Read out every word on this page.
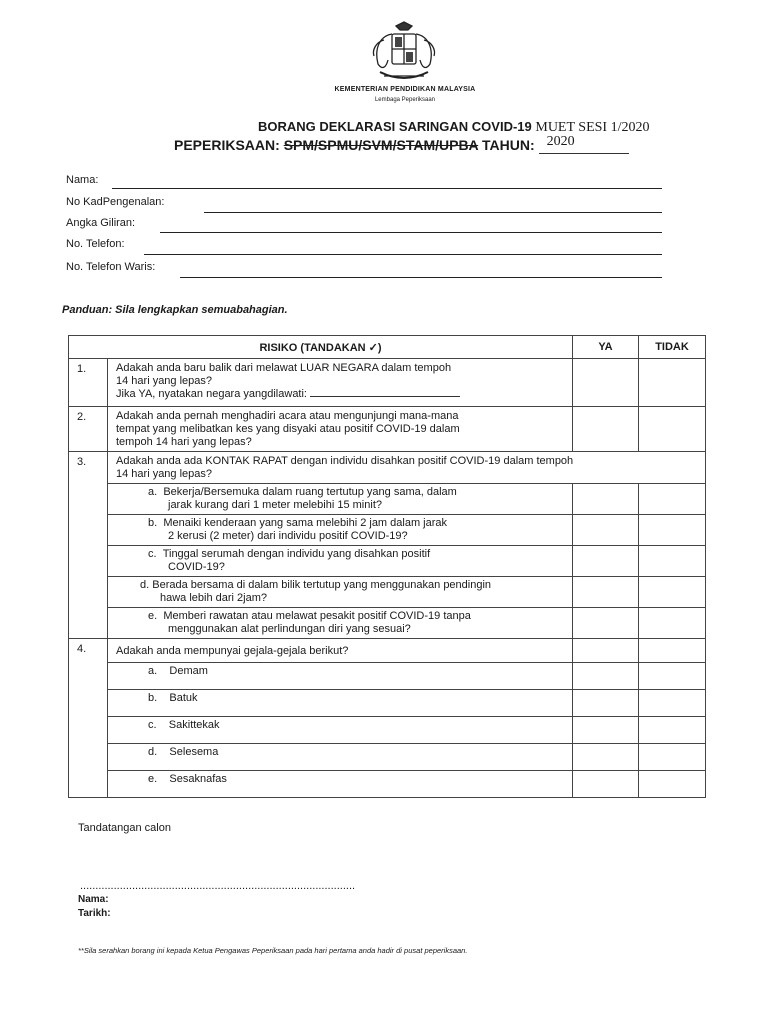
KEMENTERIAN PENDIDIKAN MALAYSIA
Lembaga Peperiksaan
BORANG DEKLARASI SARINGAN COVID-19 MUET SESI 1/2020
PEPERIKSAAN: SPM/SPMU/SVM/STAM/UPBA TAHUN: 2020
Nama:
No KadPengenalan:
Angka Giliran:
No. Telefon:
No. Telefon Waris:
Panduan: Sila lengkapkan semuabahagian.
RISIKO (TANDAKAN ✓)		YA	TIDAK
1.	Adakah anda baru balik dari melawat LUAR NEGARA dalam tempoh
14 hari yang lepas?
Jika YA, nyatakan negara yangdilawati:		

2.	Adakah anda pernah menghadiri acara atau mengunjungi mana-mana
tempat yang melibatkan kes yang disyaki atau positif COVID-19 dalam
tempoh 14 hari yang lepas?		

3.	Adakah anda ada KONTAK RAPAT dengan individu disahkan positif COVID-19 dalam tempoh
14 hari yang lepas?		

	a. Bekerja/Bersemuka dalam ruang tertutup yang sama, dalam
jarak kurang dari 1 meter melebihi 15 minit?		

	b. Menaiki kenderaan yang sama melebihi 2 jam dalam jarak
2 kerusi (2 meter) dari individu positif COVID-19?		

	c. Tinggal serumah dengan individu yang disahkan positif
COVID-19?		

	d. Berada bersama di dalam bilik tertutup yang menggunakan pendingin
hawa lebih dari 2jam?		

	e. Memberi rawatan atau melawat pesakit positif COVID-19 tanpa
menggunakan alat perlindungan diri yang sesuai?		

4.	Adakah anda mempunyai gejala-gejala berikut?		

	a. Demam		
	b. Batuk		
	c. Sakittekak		
	d. Selesema		
	e. Sesaknafas		
Tandatangan calon
..........................................................................................
Nama:
Tarikh:
**Sila serahkan borang ini kepada Ketua Pengawas Peperiksaan pada hari pertama anda hadir di pusat peperiksaan.
